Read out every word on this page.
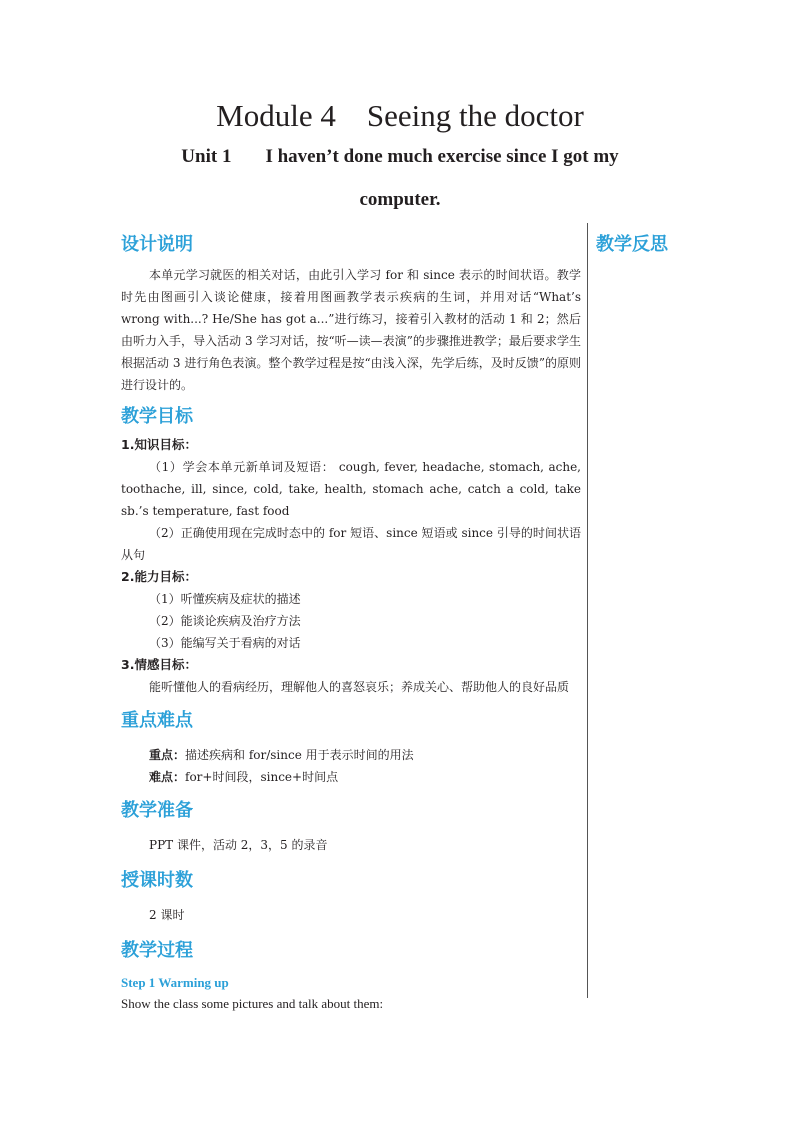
Module 4    Seeing the doctor
Unit 1 I haven’t done much exercise since I got my
computer.
教学反思
设计说明
本单元学习就医的相关对话，由此引入学习 for 和 since 表示的时间状语。教学时先由图画引入谈论健康，接着用图画教学表示疾病的生词，并用对话“What’s wrong with...? He/She has got a...”进行练习，接着引入教材的活动 1 和 2；然后由听力入手，导入活动 3 学习对话，按“听—读—表演”的步骤推进教学；最后要求学生根据活动 3 进行角色表演。整个教学过程是按“由浅入深，先学后练，及时反馈”的原则进行设计的。
教学目标
1.知识目标：
（1）学会本单元新单词及短语： cough, fever, headache, stomach, ache, toothache, ill, since, cold, take, health, stomach ache, catch a cold, take sb.’s temperature, fast food
（2）正确使用现在完成时态中的 for 短语、since 短语或 since 引导的时间状语从句
2.能力目标：
（1）听懂疾病及症状的描述
（2）能谈论疾病及治疗方法
（3）能编写关于看病的对话
3.情感目标：
能听懂他人的看病经历，理解他人的喜怒哀乐；养成关心、帮助他人的良好品质
重点难点
重点：描述疾病和 for/since 用于表示时间的用法
难点：for+时间段，since+时间点
教学准备
PPT 课件，活动 2，3，5 的录音
授课时数
2 课时
教学过程
Step 1 Warming up
Show the class some pictures and talk about them:
